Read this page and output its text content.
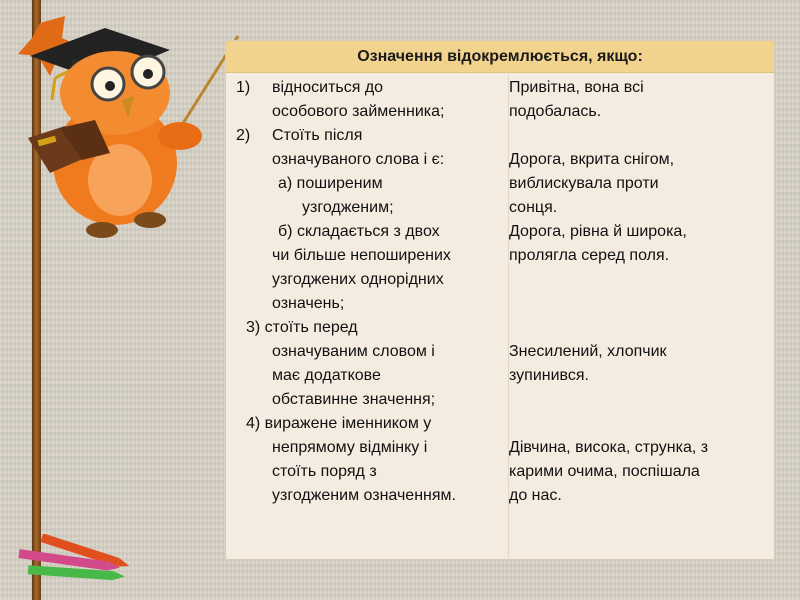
Означення відокремлюється, якщо:
1) відноситься до
особового займенника;
2) Стоїть після
означуваного слова і є:
а) поширеним
узгодженим;
б) складається з двох
чи більше непоширених
узгоджених однорідних
означень;
3) стоїть перед
означуваним словом і
має додаткове
обставинне значення;
4) виражене іменником у
непрямому відмінку і
стоїть поряд з
узгодженим означенням.
Привітна, вона всі
подобалась.
Дорога, вкрита снігом,
виблискувала проти
сонця.
Дорога, рівна й широка,
пролягла серед поля.
Знесилений, хлопчик
зупинився.
Дівчина, висока, струнка, з
карими очима, поспішала
до нас.
